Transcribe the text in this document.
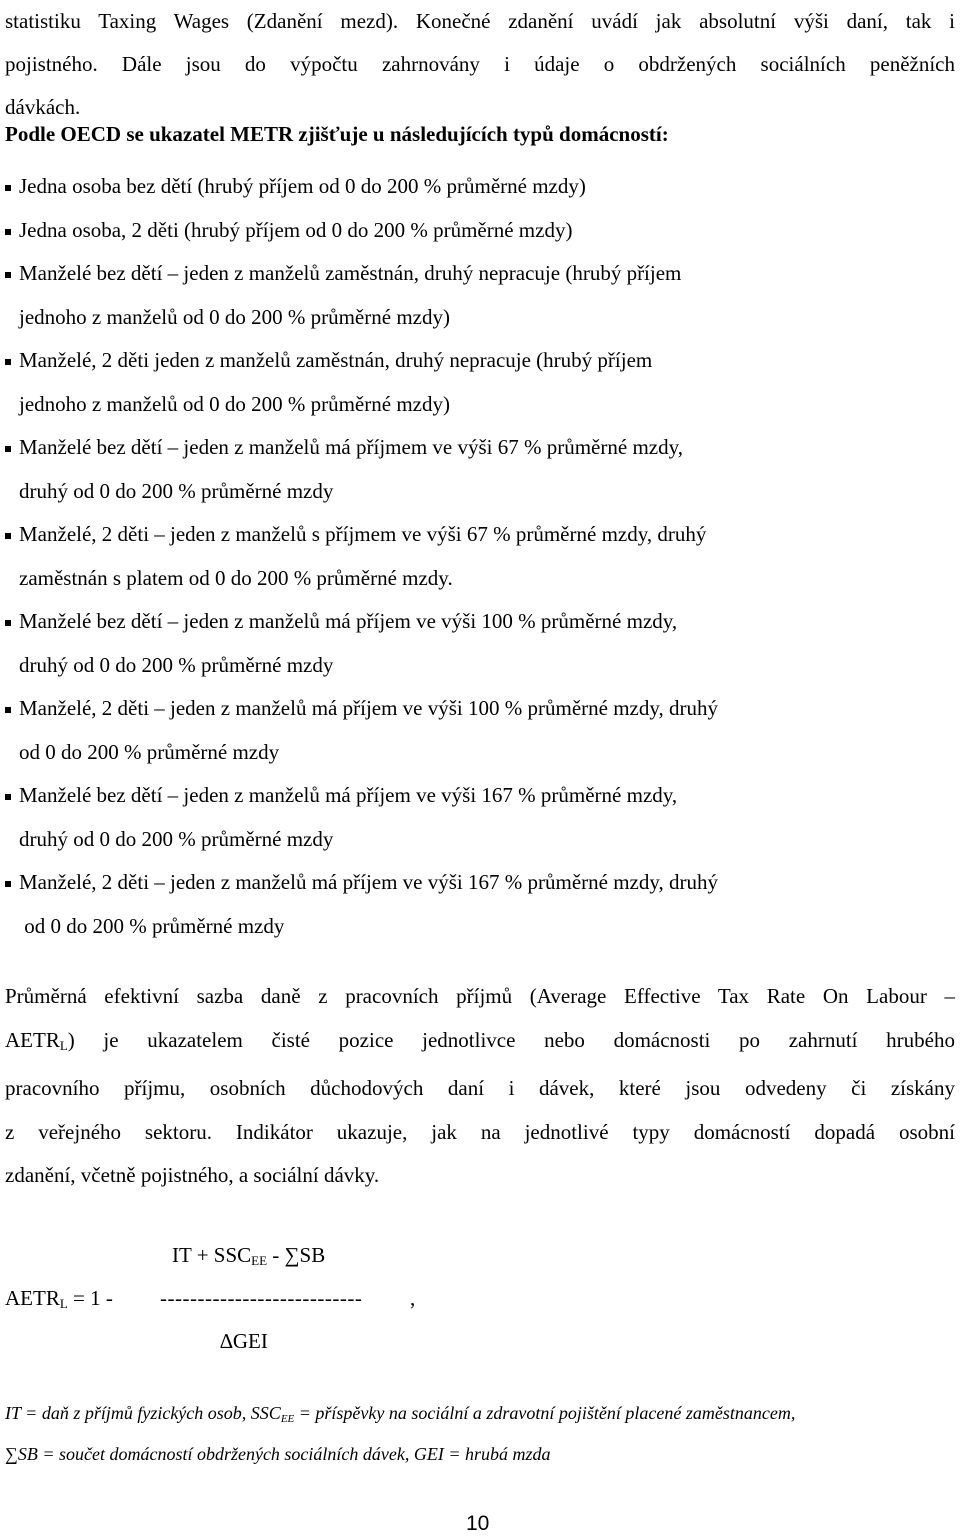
statistiku Taxing Wages (Zdanění mezd). Konečné zdanění uvádí jak absolutní výši daní, tak i
pojistného. Dále jsou do výpočtu zahrnovány i údaje o obdržených sociálních peněžních
dávkách.

Podle OECD se ukazatel METR zjišťuje u následujících typů domácností:

Jedna osoba bez dětí (hrubý příjem od 0 do 200 % průměrné mzdy)
Jedna osoba, 2 děti (hrubý příjem od 0 do 200 % průměrné mzdy)
Manželé bez dětí – jeden z manželů zaměstnán, druhý nepracuje (hrubý příjem
jednoho z manželů od 0 do 200 % průměrné mzdy)
Manželé, 2 děti jeden z manželů zaměstnán, druhý nepracuje (hrubý příjem
jednoho z manželů od 0 do 200 % průměrné mzdy)
Manželé bez dětí – jeden z manželů má příjmem ve výši 67 % průměrné mzdy,
druhý od 0 do 200 % průměrné mzdy
Manželé, 2 děti – jeden z manželů s příjmem ve výši 67 % průměrné mzdy, druhý
zaměstnán s platem od 0 do 200 % průměrné mzdy.
Manželé bez dětí – jeden z manželů má příjem ve výši 100 % průměrné mzdy,
druhý od 0 do 200 % průměrné mzdy
Manželé, 2 děti – jeden z manželů má příjem ve výši 100 % průměrné mzdy, druhý
od 0 do 200 % průměrné mzdy
Manželé bez dětí – jeden z manželů má příjem ve výši 167 % průměrné mzdy,
druhý od 0 do 200 % průměrné mzdy
Manželé, 2 děti – jeden z manželů má příjem ve výši 167 % průměrné mzdy, druhý
od 0 do 200 % průměrné mzdy

Průměrná efektivní sazba daně z pracovních příjmů (Average Effective Tax Rate On Labour –
$AETR_L$) je ukazatelem čisté pozice jednotlivce nebo domácnosti po zahrnutí hrubého
pracovního příjmu, osobních důchodových daní i dávek, které jsou odvedeny či získány
z veřejného sektoru. Indikátor ukazuje, jak na jednotlivé typy domácností dopadá osobní
zdanění, včetně pojistného, a sociální dávky.

IT + $SSC_{EE} - \sum SB$
$AETR_L = 1$ - --------------------------- ,
∆GEI

IT = daň z příjmů fyzických osob, $SSC_{EE}$ = příspěvky na sociální a zdravotní pojištění placené zaměstnancem,
∑SB = součet domácností obdržených sociálních dávek, GEI = hrubá mzda

10
